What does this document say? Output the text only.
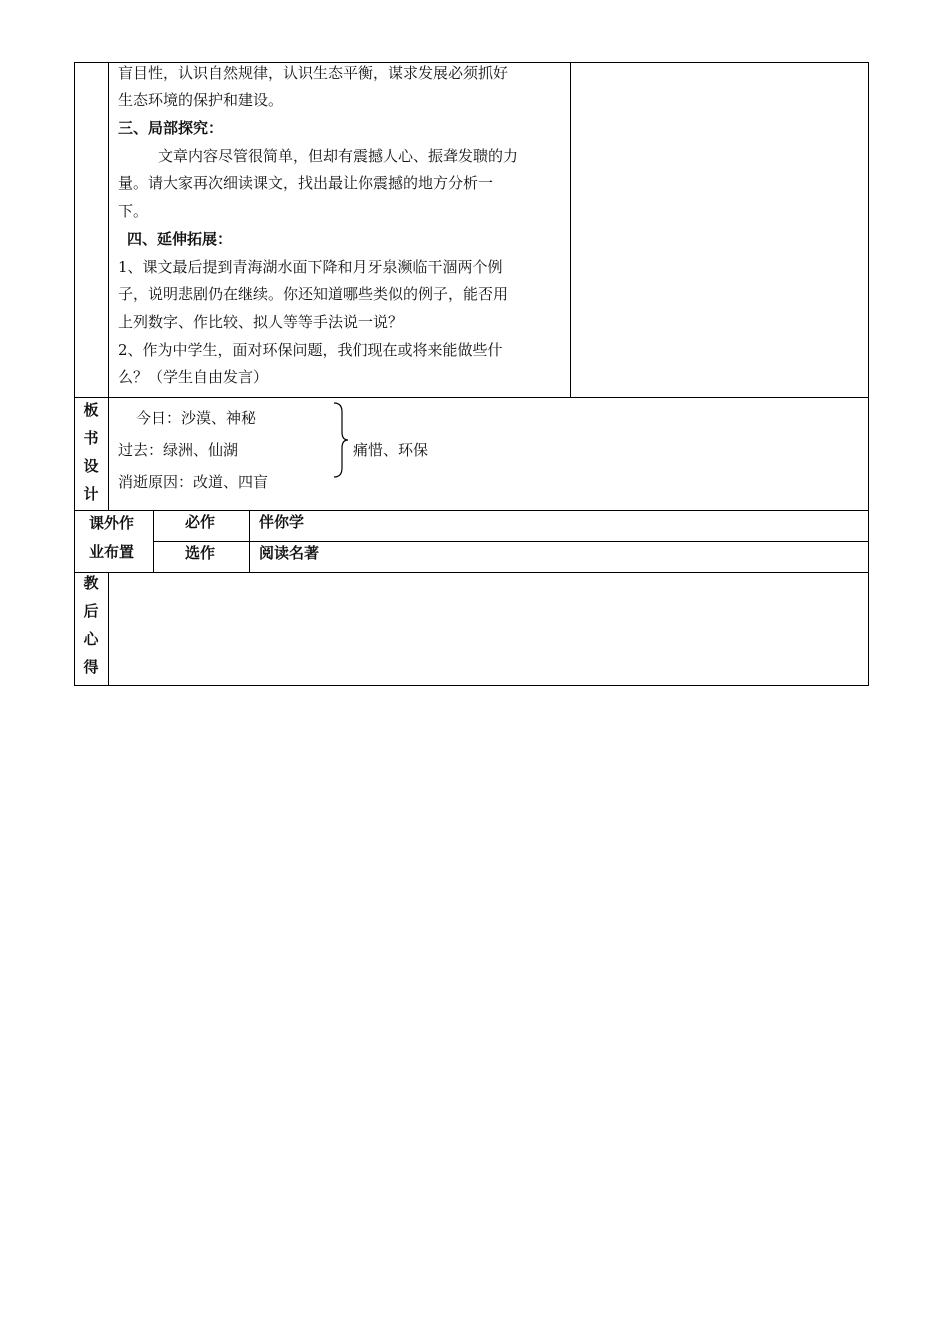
盲目性，认识自然规律，认识生态平衡，谋求发展必须抓好
生态环境的保护和建设。
三、局部探究：
文章内容尽管很简单，但却有震撼人心、振聋发聩的力
量。请大家再次细读课文，找出最让你震撼的地方分析一
下。
四、延伸拓展：
1、课文最后提到青海湖水面下降和月牙泉濒临干涸两个例
子，说明悲剧仍在继续。你还知道哪些类似的例子，能否用
上列数字、作比较、拟人等等手法说一说？
2、作为中学生，面对环保问题，我们现在或将来能做些什
么？（学生自由发言）
板
书
设
计
今日：沙漠、神秘
过去：绿洲、仙湖
消逝原因：改道、四盲
痛惜、环保
课外作
业布置
必作	伴你学
选作	阅读名著
教
后
心
得
